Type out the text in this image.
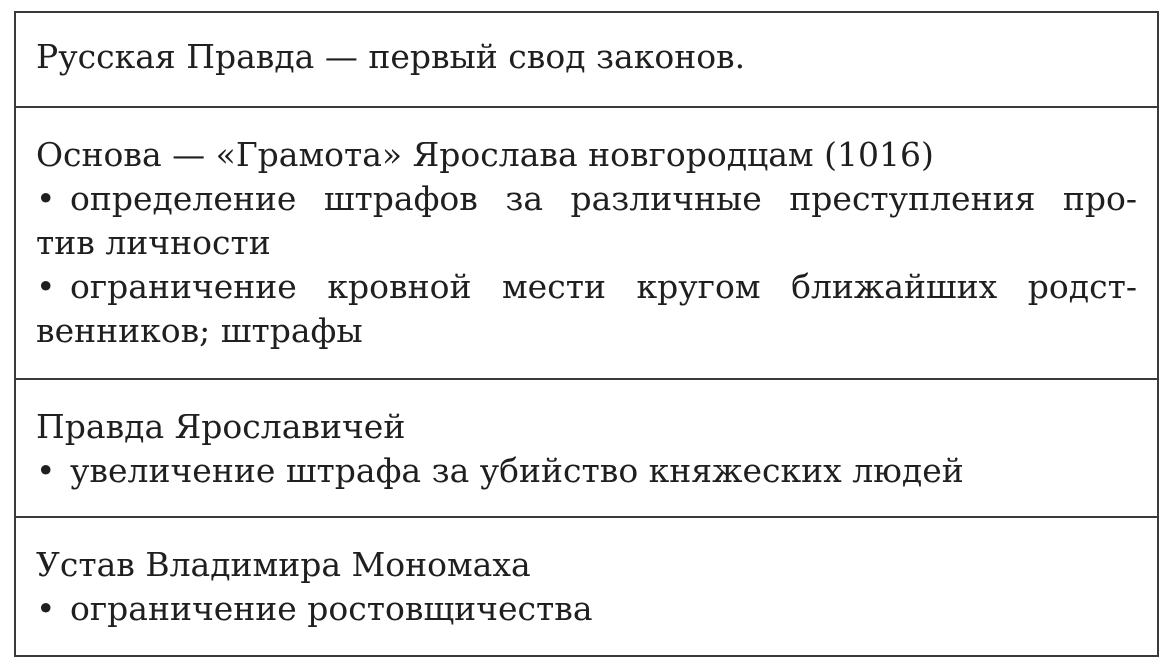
Русская Правда — первый свод законов.
Основа — «Грамота» Ярослава новгородцам (1016)
• определение штрафов за различные преступления про-
тив личности
• ограничение кровной мести кругом ближайших родст-
венников; штрафы
Правда Ярославичей
• увеличение штрафа за убийство княжеских людей
Устав Владимира Мономаха
• ограничение ростовщичества
